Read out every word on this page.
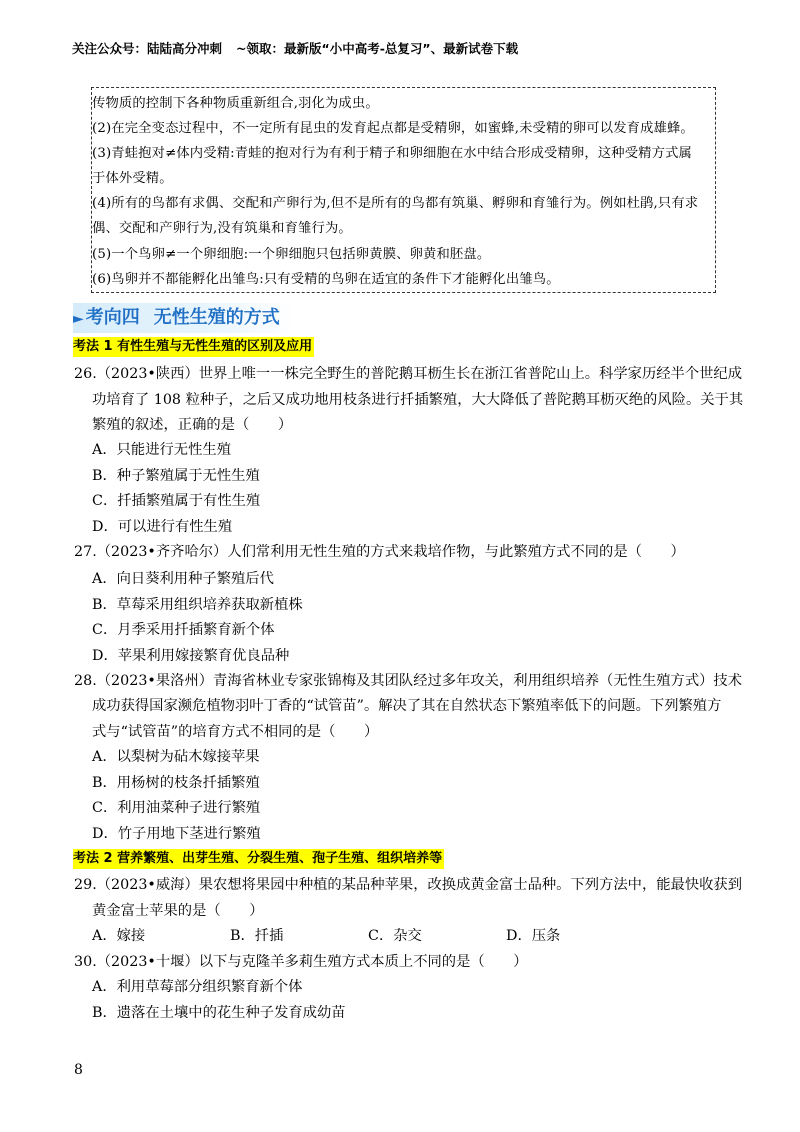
关注公众号：陆陆高分冲刺 ~领取：最新版“小中高考-总复习”、最新试卷下载
传物质的控制下各种物质重新组合,羽化为成虫。
(2)在完全变态过程中，不一定所有昆虫的发育起点都是受精卵，如蜜蜂,未受精的卵可以发育成雄蜂。
(3)青蛙抱对≠体内受精:青蛙的抱对行为有利于精子和卵细胞在水中结合形成受精卵，这种受精方式属
于体外受精。
(4)所有的鸟都有求偶、交配和产卵行为,但不是所有的鸟都有筑巢、孵卵和育雏行为。例如杜鹃,只有求
偶、交配和产卵行为,没有筑巢和育雏行为。
(5)一个鸟卵≠一个卵细胞:一个卵细胞只包括卵黄膜、卵黄和胚盘。
(6)鸟卵并不都能孵化出雏鸟:只有受精的鸟卵在适宜的条件下才能孵化出雏鸟。
► 考向四 无性生殖的方式
考法 1 有性生殖与无性生殖的区别及应用
26.（2023•陕西）世界上唯一一株完全野生的普陀鹅耳枥生长在浙江省普陀山上。科学家历经半个世纪成
功培育了 108 粒种子，之后又成功地用枝条进行扦插繁殖，大大降低了普陀鹅耳枥灭绝的风险。关于其
繁殖的叙述，正确的是（　　）
A．只能进行无性生殖
B．种子繁殖属于无性生殖
C．扦插繁殖属于有性生殖
D．可以进行有性生殖
27.（2023•齐齐哈尔）人们常利用无性生殖的方式来栽培作物，与此繁殖方式不同的是（　　）
A．向日葵利用种子繁殖后代
B．草莓采用组织培养获取新植株
C．月季采用扦插繁育新个体
D．苹果利用嫁接繁育优良品种
28.（2023•果洛州）青海省林业专家张锦梅及其团队经过多年攻关，利用组织培养（无性生殖方式）技术
成功获得国家濒危植物羽叶丁香的“试管苗”。解决了其在自然状态下繁殖率低下的问题。下列繁殖方
式与“试管苗”的培育方式不相同的是（　　）
A．以梨树为砧木嫁接苹果
B．用杨树的枝条扦插繁殖
C．利用油菜种子进行繁殖
D．竹子用地下茎进行繁殖
考法 2 营养繁殖、出芽生殖、分裂生殖、孢子生殖、组织培养等
29.（2023•威海）果农想将果园中种植的某品种苹果，改换成黄金富士品种。下列方法中，能最快收获到
黄金富士苹果的是（　　）
A．嫁接	B．扦插	C．杂交	D．压条
30.（2023•十堰）以下与克隆羊多莉生殖方式本质上不同的是（　　）
A．利用草莓部分组织繁育新个体
B．遗落在土壤中的花生种子发育成幼苗
8
